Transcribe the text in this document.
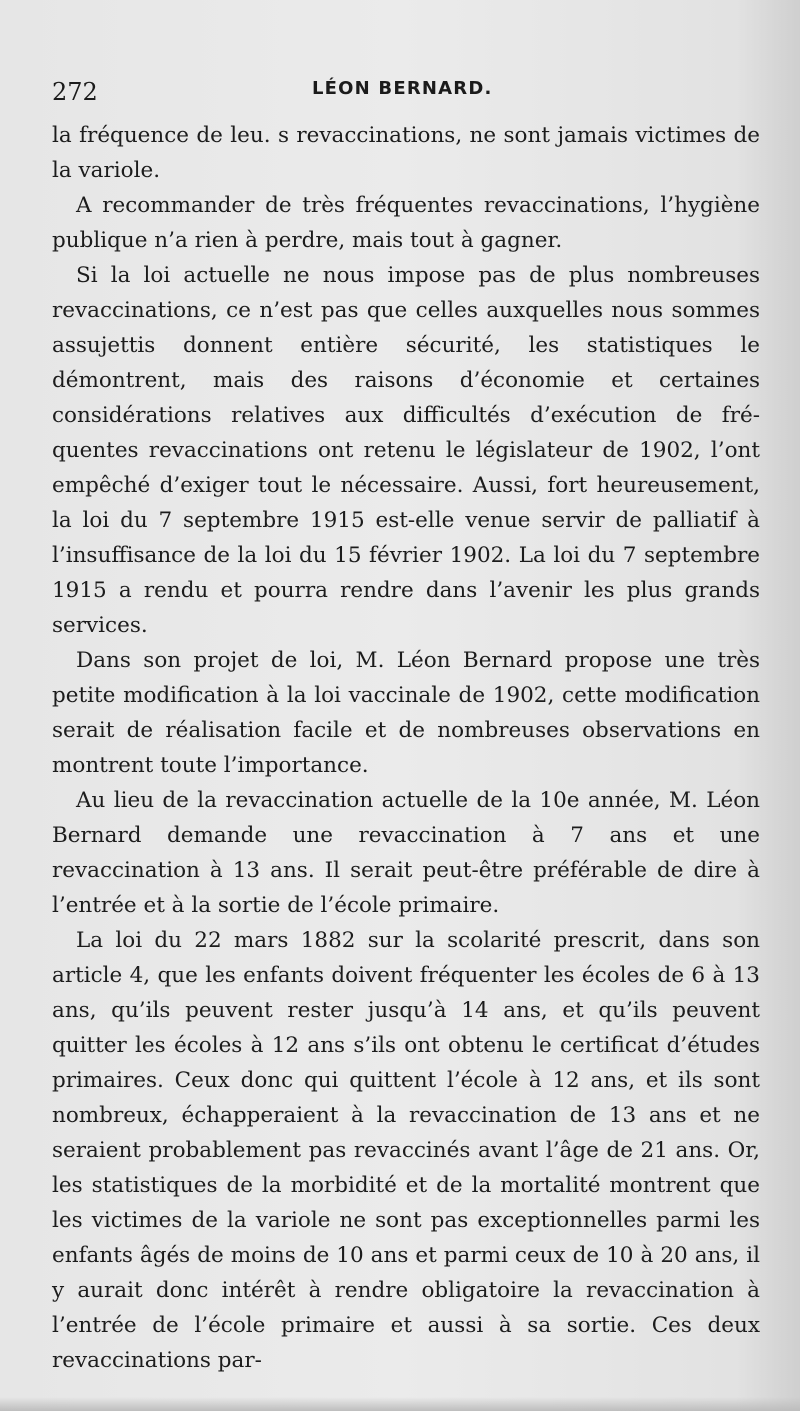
272	LÉON BERNARD.

la fréquence de leu. s revaccinations, ne sont jamais victimes de la variole.

A recommander de très fréquentes revaccinations, l’hygiène publique n’a rien à perdre, mais tout à gagner.

Si la loi actuelle ne nous impose pas de plus nombreuses revaccinations, ce n’est pas que celles auxquelles nous sommes assujettis donnent entière sécurité, les statistiques le démontrent, mais des raisons d’économie et certaines considérations relatives aux difficultés d’exécution de fréquentes revaccinations ont retenu le législateur de 1902, l’ont empêché d’exiger tout le nécessaire. Aussi, fort heureusement, la loi du 7 septembre 1915 est-elle venue servir de palliatif à l’insuffisance de la loi du 15 février 1902. La loi du 7 septembre 1915 a rendu et pourra rendre dans l’avenir les plus grands services.

Dans son projet de loi, M. Léon Bernard propose une très petite modification à la loi vaccinale de 1902, cette modification serait de réalisation facile et de nombreuses observations en montrent toute l’importance.

Au lieu de la revaccination actuelle de la 10e année, M. Léon Bernard demande une revaccination à 7 ans et une revaccination à 13 ans. Il serait peut-être préférable de dire à l’entrée et à la sortie de l’école primaire.

La loi du 22 mars 1882 sur la scolarité prescrit, dans son article 4, que les enfants doivent fréquenter les écoles de 6 à 13 ans, qu’ils peuvent rester jusqu’à 14 ans, et qu’ils peuvent quitter les écoles à 12 ans s’ils ont obtenu le certificat d’études primaires. Ceux donc qui quittent l’école à 12 ans, et ils sont nombreux, échapperaient à la revaccination de 13 ans et ne seraient probablement pas revaccinés avant l’âge de 21 ans. Or, les statistiques de la morbidité et de la mortalité montrent que les victimes de la variole ne sont pas exceptionnelles parmi les enfants âgés de moins de 10 ans et parmi ceux de 10 à 20 ans, il y aurait donc intérêt à rendre obligatoire la revaccination à l’entrée de l’école primaire et aussi à sa sortie. Ces deux revaccinations par-
